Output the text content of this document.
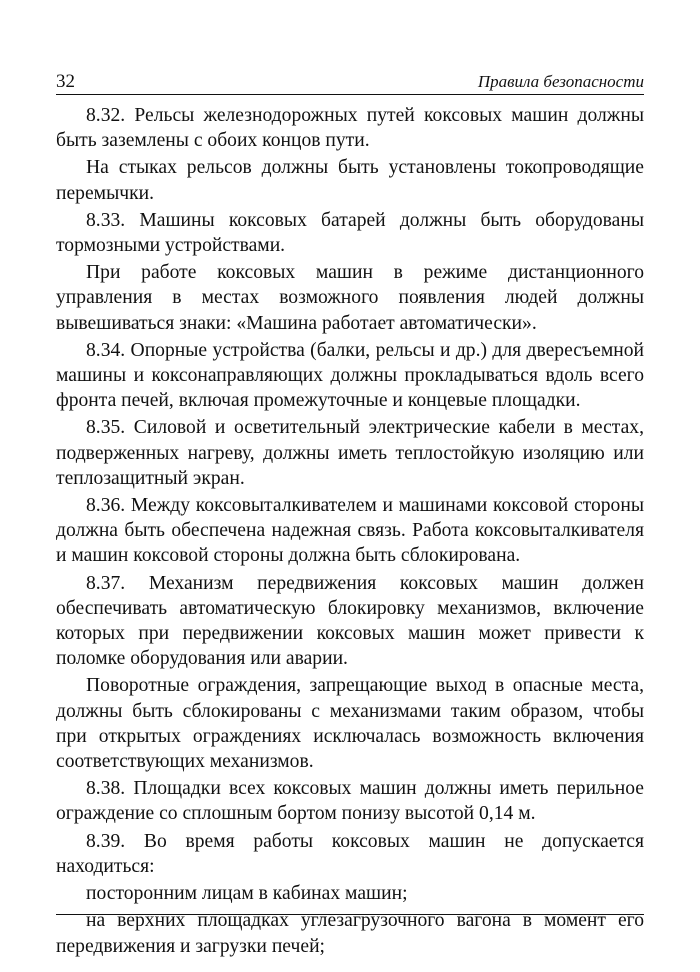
32	Правила безопасности

8.32. Рельсы железнодорожных путей коксовых машин должны быть заземлены с обоих концов пути.

На стыках рельсов должны быть установлены токопроводящие перемычки.

8.33. Машины коксовых батарей должны быть оборудованы тормозными устройствами.

При работе коксовых машин в режиме дистанционного управления в местах возможного появления людей должны вывешиваться знаки: «Машина работает автоматически».

8.34. Опорные устройства (балки, рельсы и др.) для двересъемной машины и коксонаправляющих должны прокладываться вдоль всего фронта печей, включая промежуточные и концевые площадки.

8.35. Силовой и осветительный электрические кабели в местах, подверженных нагреву, должны иметь теплостойкую изоляцию или теплозащитный экран.

8.36. Между коксовыталкивателем и машинами коксовой стороны должна быть обеспечена надежная связь. Работа коксовыталкивателя и машин коксовой стороны должна быть сблокирована.

8.37. Механизм передвижения коксовых машин должен обеспечивать автоматическую блокировку механизмов, включение которых при передвижении коксовых машин может привести к поломке оборудования или аварии.

Поворотные ограждения, запрещающие выход в опасные места, должны быть сблокированы с механизмами таким образом, чтобы при открытых ограждениях исключалась возможность включения соответствующих механизмов.

8.38. Площадки всех коксовых машин должны иметь перильное ограждение со сплошным бортом понизу высотой 0,14 м.

8.39. Во время работы коксовых машин не допускается находиться:

посторонним лицам в кабинах машин;

на верхних площадках углезагрузочного вагона в момент его передвижения и загрузки печей;
